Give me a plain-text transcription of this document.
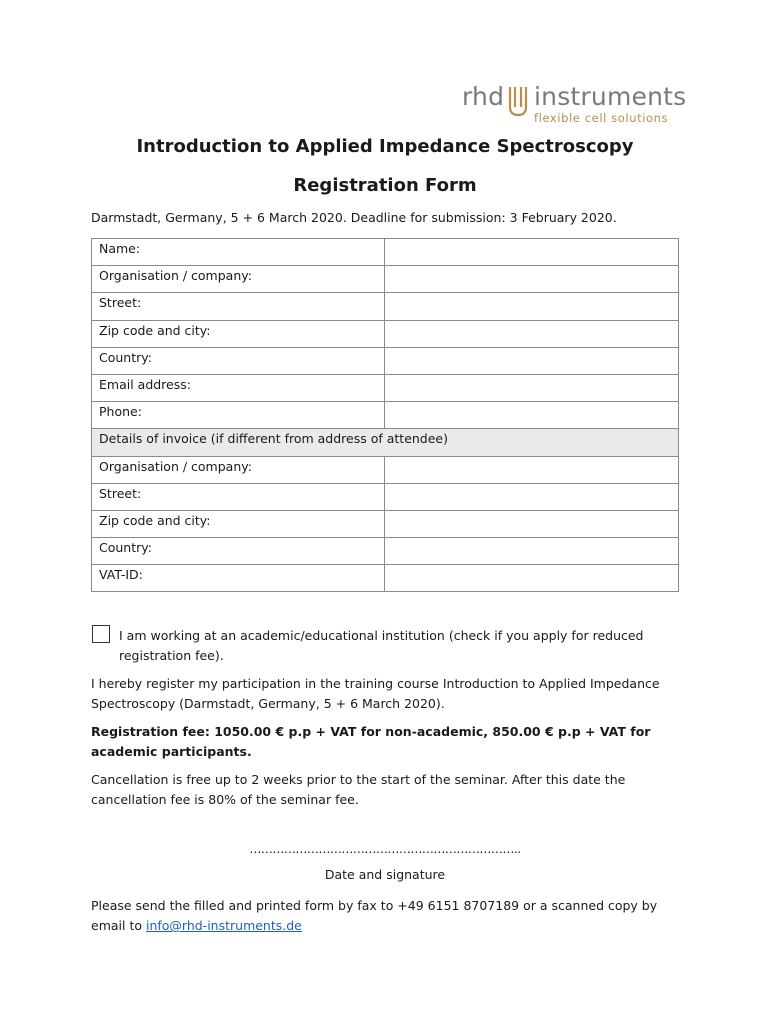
rhd instruments
flexible cell solutions
Introduction to Applied Impedance Spectroscopy
Registration Form
Darmstadt, Germany, 5 + 6 March 2020. Deadline for submission: 3 February 2020.
Name:	
Organisation / company:	
Street:	
Zip code and city:	
Country:	
Email address:	
Phone:	
Details of invoice (if different from address of attendee)	
Organisation / company:	
Street:	
Zip code and city:	
Country:	
VAT-ID:	
I am working at an academic/educational institution (check if you apply for reduced registration fee).
I hereby register my participation in the training course Introduction to Applied Impedance Spectroscopy (Darmstadt, Germany, 5 + 6 March 2020).
Registration fee: 1050.00 € p.p + VAT for non-academic, 850.00 € p.p + VAT for academic participants.
Cancellation is free up to 2 weeks prior to the start of the seminar. After this date the cancellation fee is 80% of the seminar fee.
……………………………………………………………..
Date and signature
Please send the filled and printed form by fax to +49 6151 8707189 or a scanned copy by email to info@rhd-instruments.de
